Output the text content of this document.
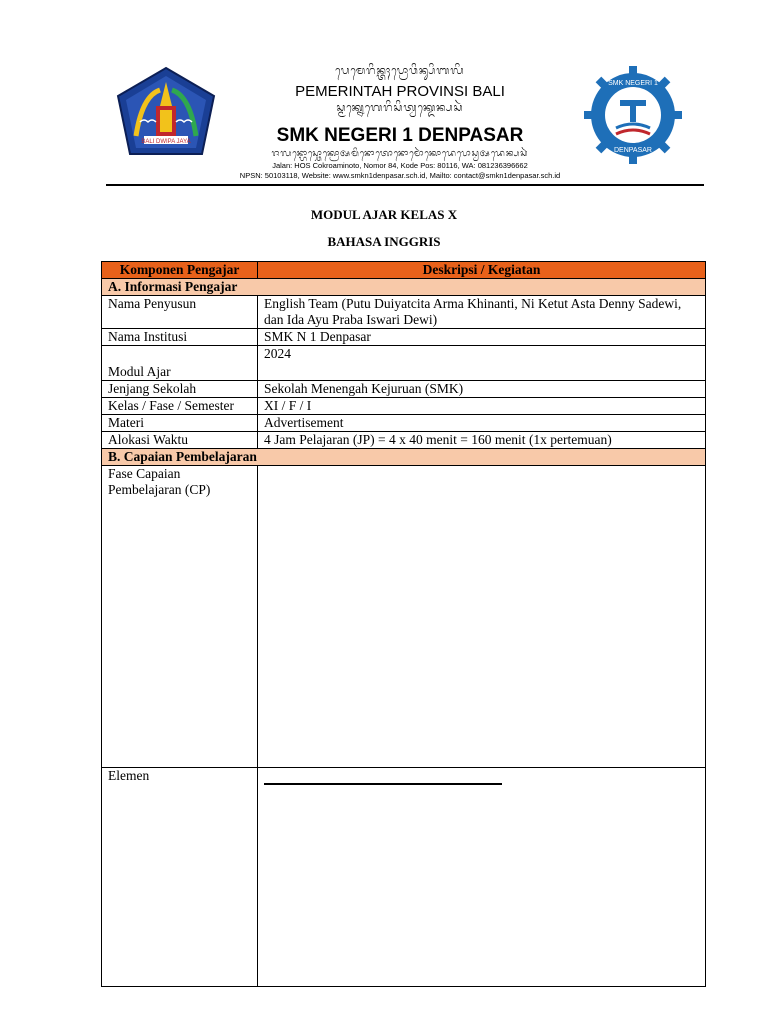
BALI DWIPA JAYA
ᬧᬾᬫᬾᬭᬶᬦ᭄ᬢᬄᬧ᭄ᬭᭀᬯᬶᬦ᭄ᬲᬶᬩᬮᬶ
PEMERINTAH PROVINSI BALI
ᬲ᭄ᬫᬓ᭄ᬦᬾᬕᬾᬭᬶᬲᬶᬢ᭄ᬯᬓ᭄ᬤᬾᬦ᭄ᬧᬲᬃ
SMK NEGERI 1 DENPASAR
ᬚᬮᬦ᭄ᬳᭀᬲ᭄ᬘᭀᬓ᭄ᬭᭀᬅᬫᬶᬦᭀᬢᭀᬦᭀᬫᭀᬃᬓᭀᬤᬾᬧᭀᬲ᭄ᬯᬅᬤᬾᬦ᭄ᬧᬲᬃ
Jalan: HOS Cokroaminoto, Nomor 84, Kode Pos: 80116, WA: 081236396662
NPSN: 50103118, Website: www.smkn1denpasar.sch.id, Mailto: contact@smkn1denpasar.sch.id
SMK NEGERI 1
DENPASAR
MODUL AJAR KELAS X
BAHASA INGGRIS
Komponen Pengajar	Deskripsi / Kegiatan
A. Informasi Pengajar	
Nama Penyusun	English Team (Putu Duiyatcita Arma Khinanti, Ni Ketut Asta Denny Sadewi, dan Ida Ayu Praba Iswari Dewi)
Nama Institusi	SMK N 1 Denpasar
Modul Ajar	2024
Jenjang Sekolah	Sekolah Menengah Kejuruan (SMK)
Kelas / Fase / Semester	XI / F / I
Materi	Advertisement
Alokasi Waktu	4 Jam Pelajaran (JP) = 4 x 40 menit = 160 menit (1x pertemuan)
B. Capaian Pembelajaran	
Fase Capaian Pembelajaran (CP)	
Elemen	
